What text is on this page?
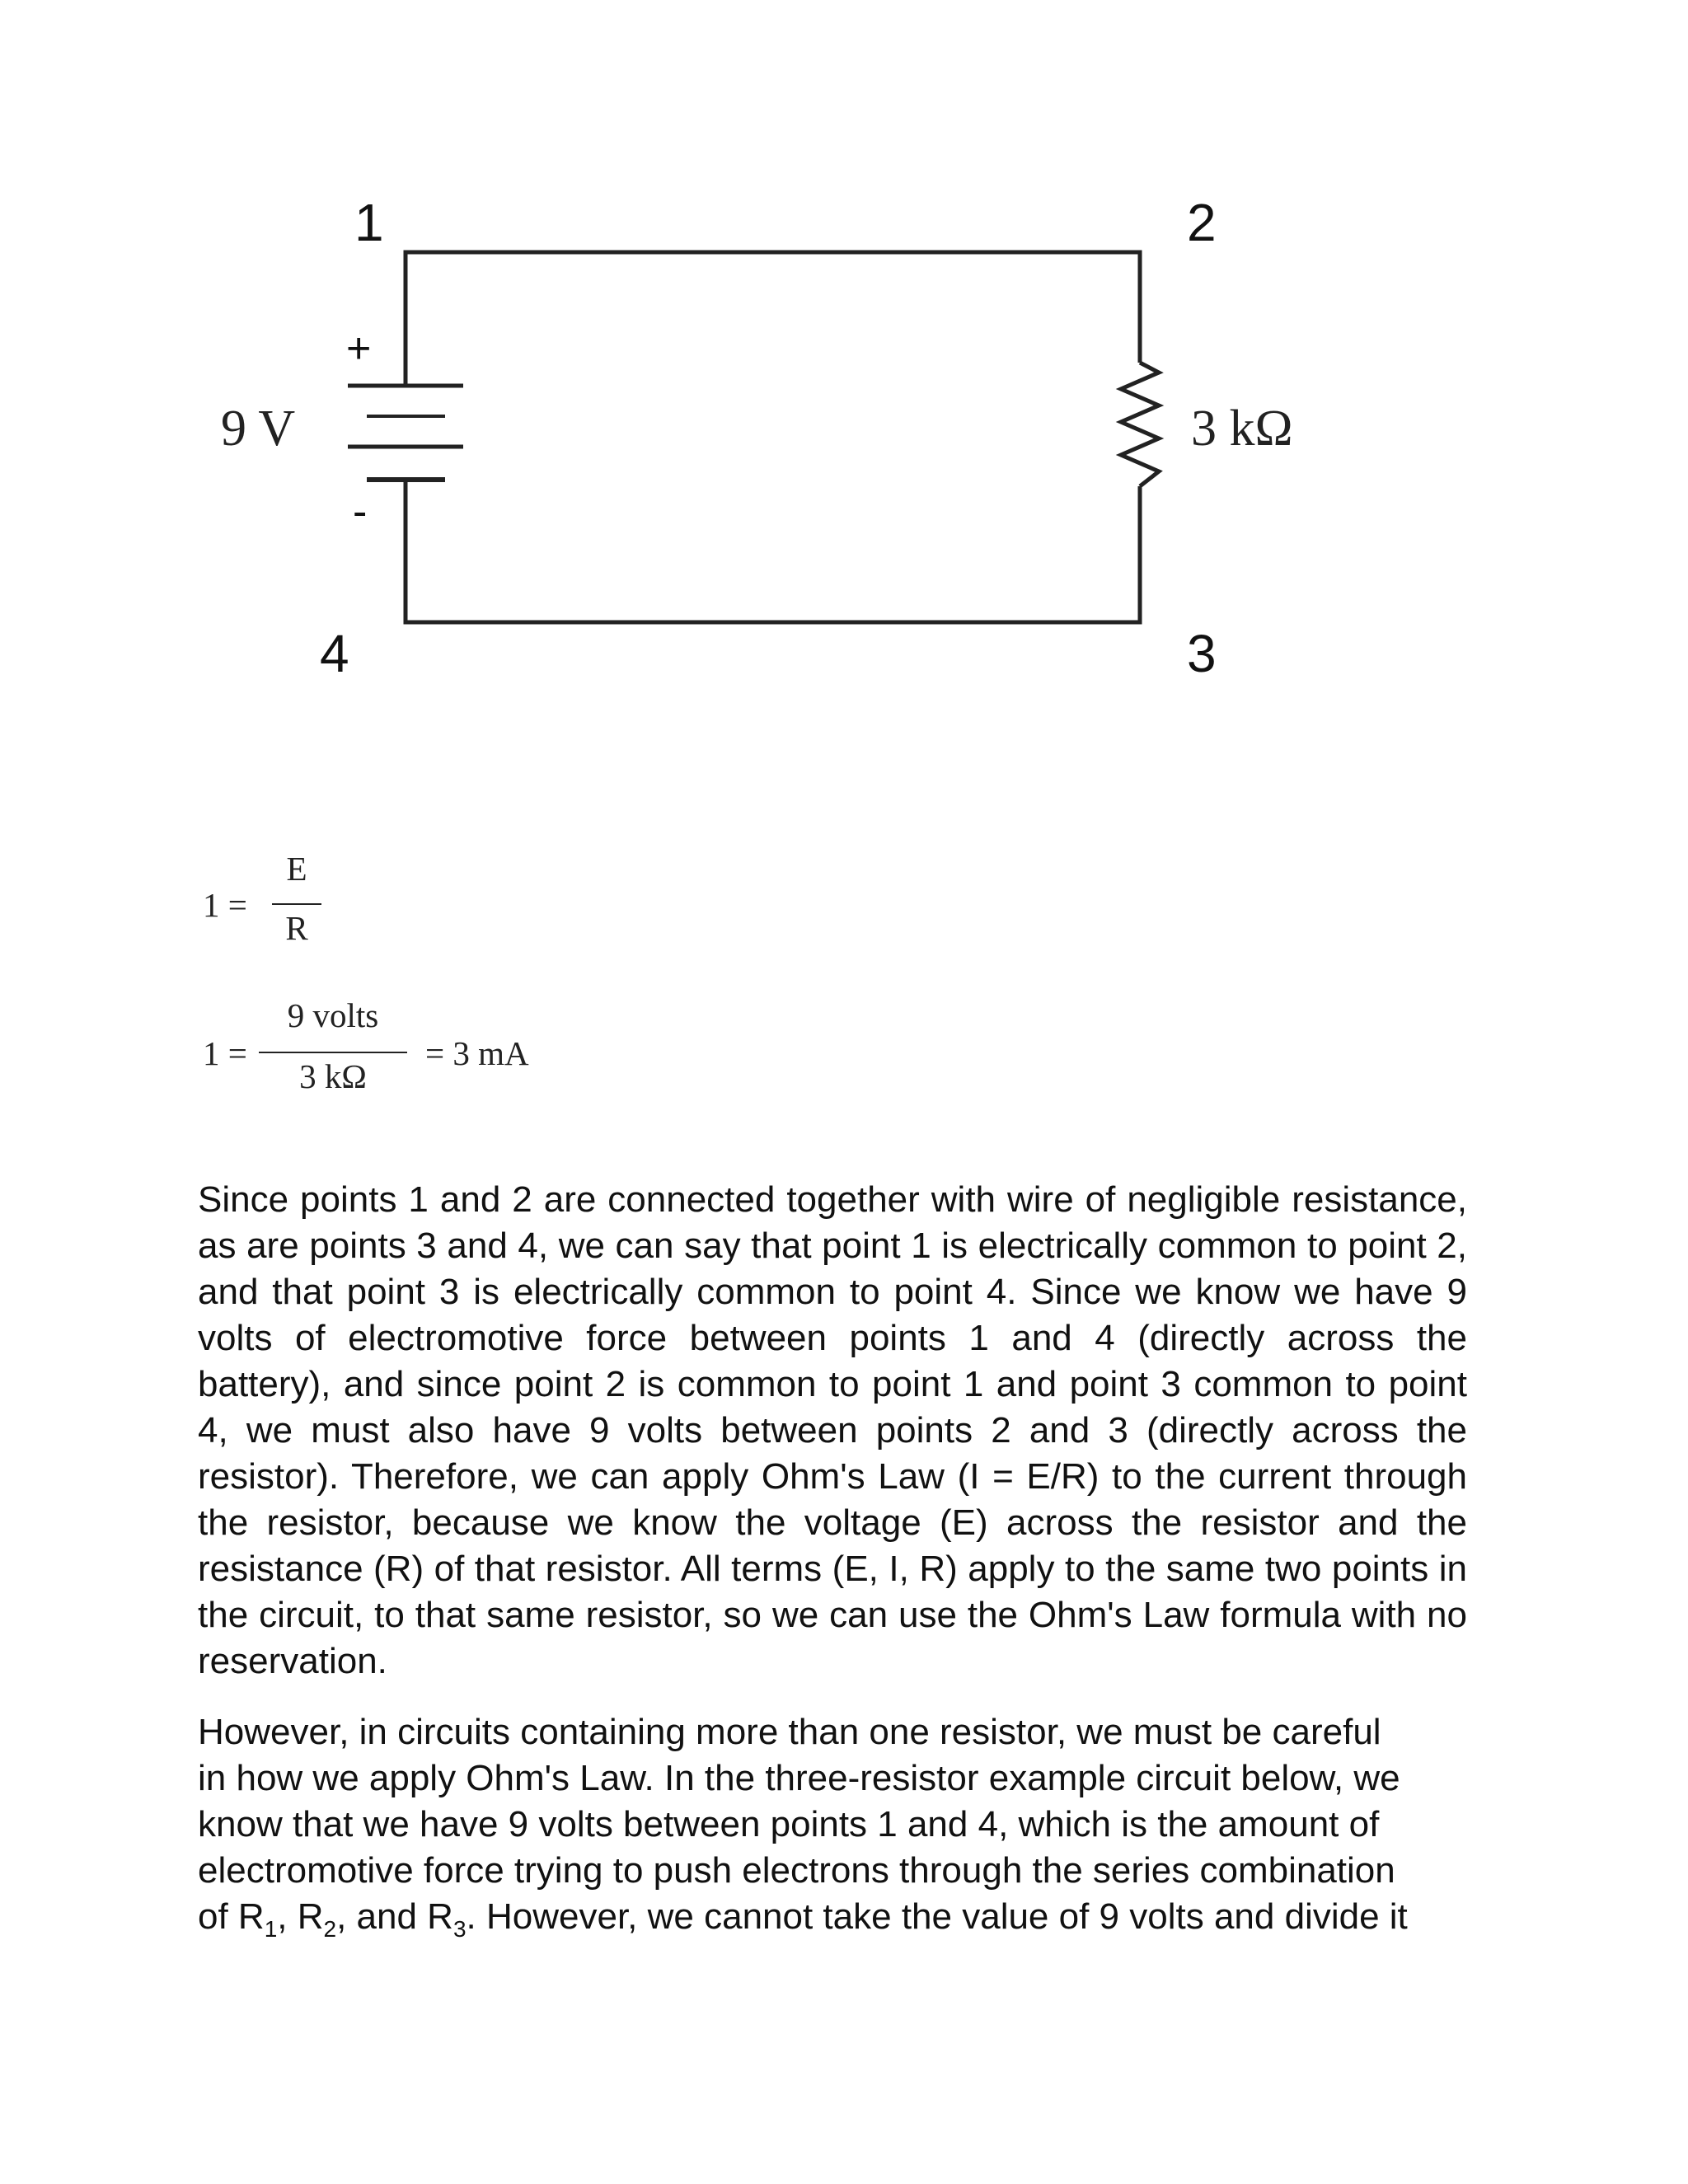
1	2
3
4
+
-
9 V	3 kΩ
1 =
E
R
1 =
9 volts
3 kΩ
= 3 mA

Since points 1 and 2 are connected together with wire of negligible resistance, as are points 3 and 4, we can say that point 1 is electrically common to point 2, and that point 3 is electrically common to point 4. Since we know we have 9 volts of electromotive force between points 1 and 4 (directly across the battery), and since point 2 is common to point 1 and point 3 common to point 4, we must also have 9 volts between points 2 and 3 (directly across the resistor). Therefore, we can apply Ohm's Law (I = E/R) to the current through the resistor, because we know the voltage (E) across the resistor and the resistance (R) of that resistor. All terms (E, I, R) apply to the same two points in the circuit, to that same resistor, so we can use the Ohm's Law formula with no reservation.

However, in circuits containing more than one resistor, we must be careful
in how we apply Ohm's Law. In the three-resistor example circuit below, we
know that we have 9 volts between points 1 and 4, which is the amount of
electromotive force trying to push electrons through the series combination
of $R_1$, $R_2$, and $R_3$. However, we cannot take the value of 9 volts and divide it
